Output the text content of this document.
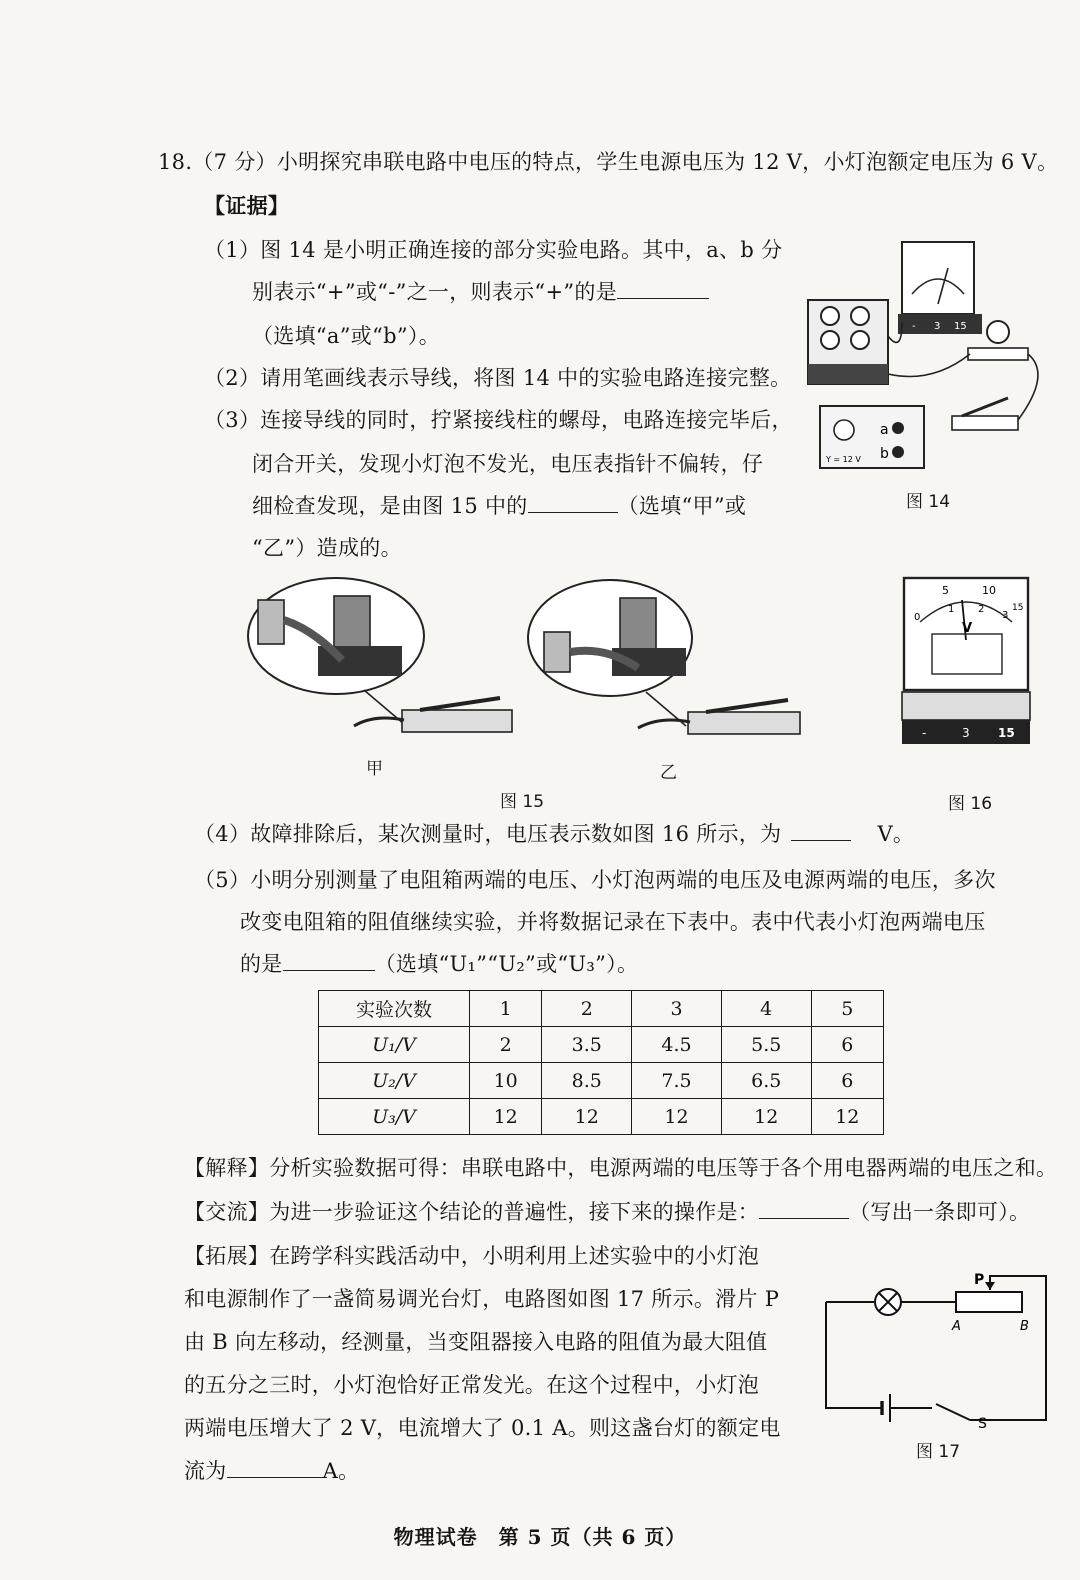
18.（7 分）小明探究串联电路中电压的特点，学生电源电压为 12 V，小灯泡额定电压为 6 V。
【证据】
（1）图 14 是小明正确连接的部分实验电路。其中，a、b 分
别表示“+”或“-”之一，则表示“+”的是
（选填“a”或“b”）。
（2）请用笔画线表示导线，将图 14 中的实验电路连接完整。
（3）连接导线的同时，拧紧接线柱的螺母，电路连接完毕后，
闭合开关，发现小灯泡不发光，电压表指针不偏转，仔
细检查发现，是由图 15 中的	（选填“甲”或
“乙”）造成的。
（4）故障排除后，某次测量时，电压表示数如图 16 所示，为	V。
（5）小明分别测量了电阻箱两端的电压、小灯泡两端的电压及电源两端的电压，多次
改变电阻箱的阻值继续实验，并将数据记录在下表中。表中代表小灯泡两端电压
的是	（选填“U₁”“U₂”或“U₃”）。
实验次数	1	2	3	4	5
U₁/V	2	3.5	4.5	5.5	6
U₂/V	10	8.5	7.5	6.5	6
U₃/V	12	12	12	12	12
【解释】分析实验数据可得：串联电路中，电源两端的电压等于各个用电器两端的电压之和。
【交流】为进一步验证这个结论的普遍性，接下来的操作是：	（写出一条即可）。
【拓展】在跨学科实践活动中，小明利用上述实验中的小灯泡
和电源制作了一盏简易调光台灯，电路图如图 17 所示。滑片 P
由 B 向左移动，经测量，当变阻器接入电路的阻值为最大阻值
的五分之三时，小灯泡恰好正常发光。在这个过程中，小灯泡
两端电压增大了 2 V，电流增大了 0.1 A。则这盏台灯的额定电
流为	A。
- 3 15
a
b
Y = 12 V
图 14
甲	乙
图 15
5	10
0
1 2
3
15
V
-	3 15
图 16
P
A	B
S
图 17
物理试卷　第 5 页（共 6 页）
